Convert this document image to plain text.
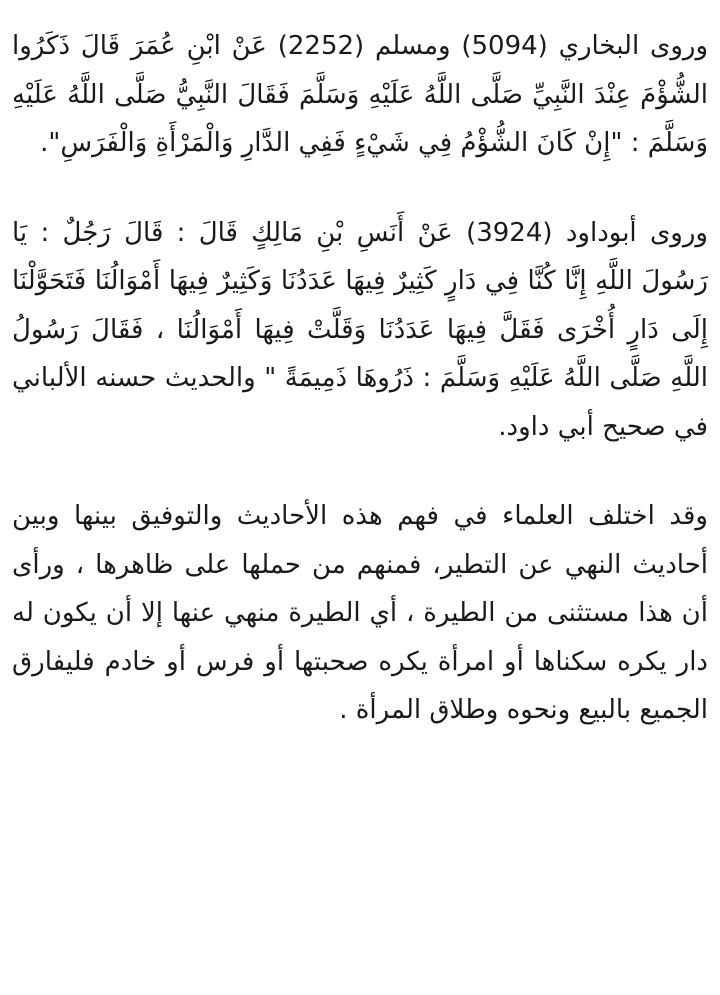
وروى البخاري (5094) ومسلم (2252) عَنْ ابْنِ عُمَرَ قَالَ ذَكَرُوا الشُّؤْمَ عِنْدَ النَّبِيِّ صَلَّى اللَّهُ عَلَيْهِ وَسَلَّمَ فَقَالَ النَّبِيُّ صَلَّى اللَّهُ عَلَيْهِ وَسَلَّمَ : "إِنْ كَانَ الشُّؤْمُ فِي شَيْءٍ فَفِي الدَّارِ وَالْمَرْأَةِ وَالْفَرَسِ".

وروى أبوداود (3924) عَنْ أَنَسِ بْنِ مَالِكٍ قَالَ : قَالَ رَجُلٌ : يَا رَسُولَ اللَّهِ إِنَّا كُنَّا فِي دَارٍ كَثِيرٌ فِيهَا عَدَدُنَا وَكَثِيرٌ فِيهَا أَمْوَالُنَا فَتَحَوَّلْنَا إِلَى دَارٍ أُخْرَى فَقَلَّ فِيهَا عَدَدُنَا وَقَلَّتْ فِيهَا أَمْوَالُنَا ، فَقَالَ رَسُولُ اللَّهِ صَلَّى اللَّهُ عَلَيْهِ وَسَلَّمَ : ذَرُوهَا ذَمِيمَةً " والحديث حسنه الألباني في صحيح أبي داود.

وقد اختلف العلماء في فهم هذه الأحاديث والتوفيق بينها وبين أحاديث النهي عن التطير، فمنهم من حملها على ظاهرها ، ورأى أن هذا مستثنى من الطيرة ، أي الطيرة منهي عنها إلا أن يكون له دار يكره سكناها أو امرأة يكره صحبتها أو فرس أو خادم فليفارق الجميع بالبيع ونحوه وطلاق المرأة .
